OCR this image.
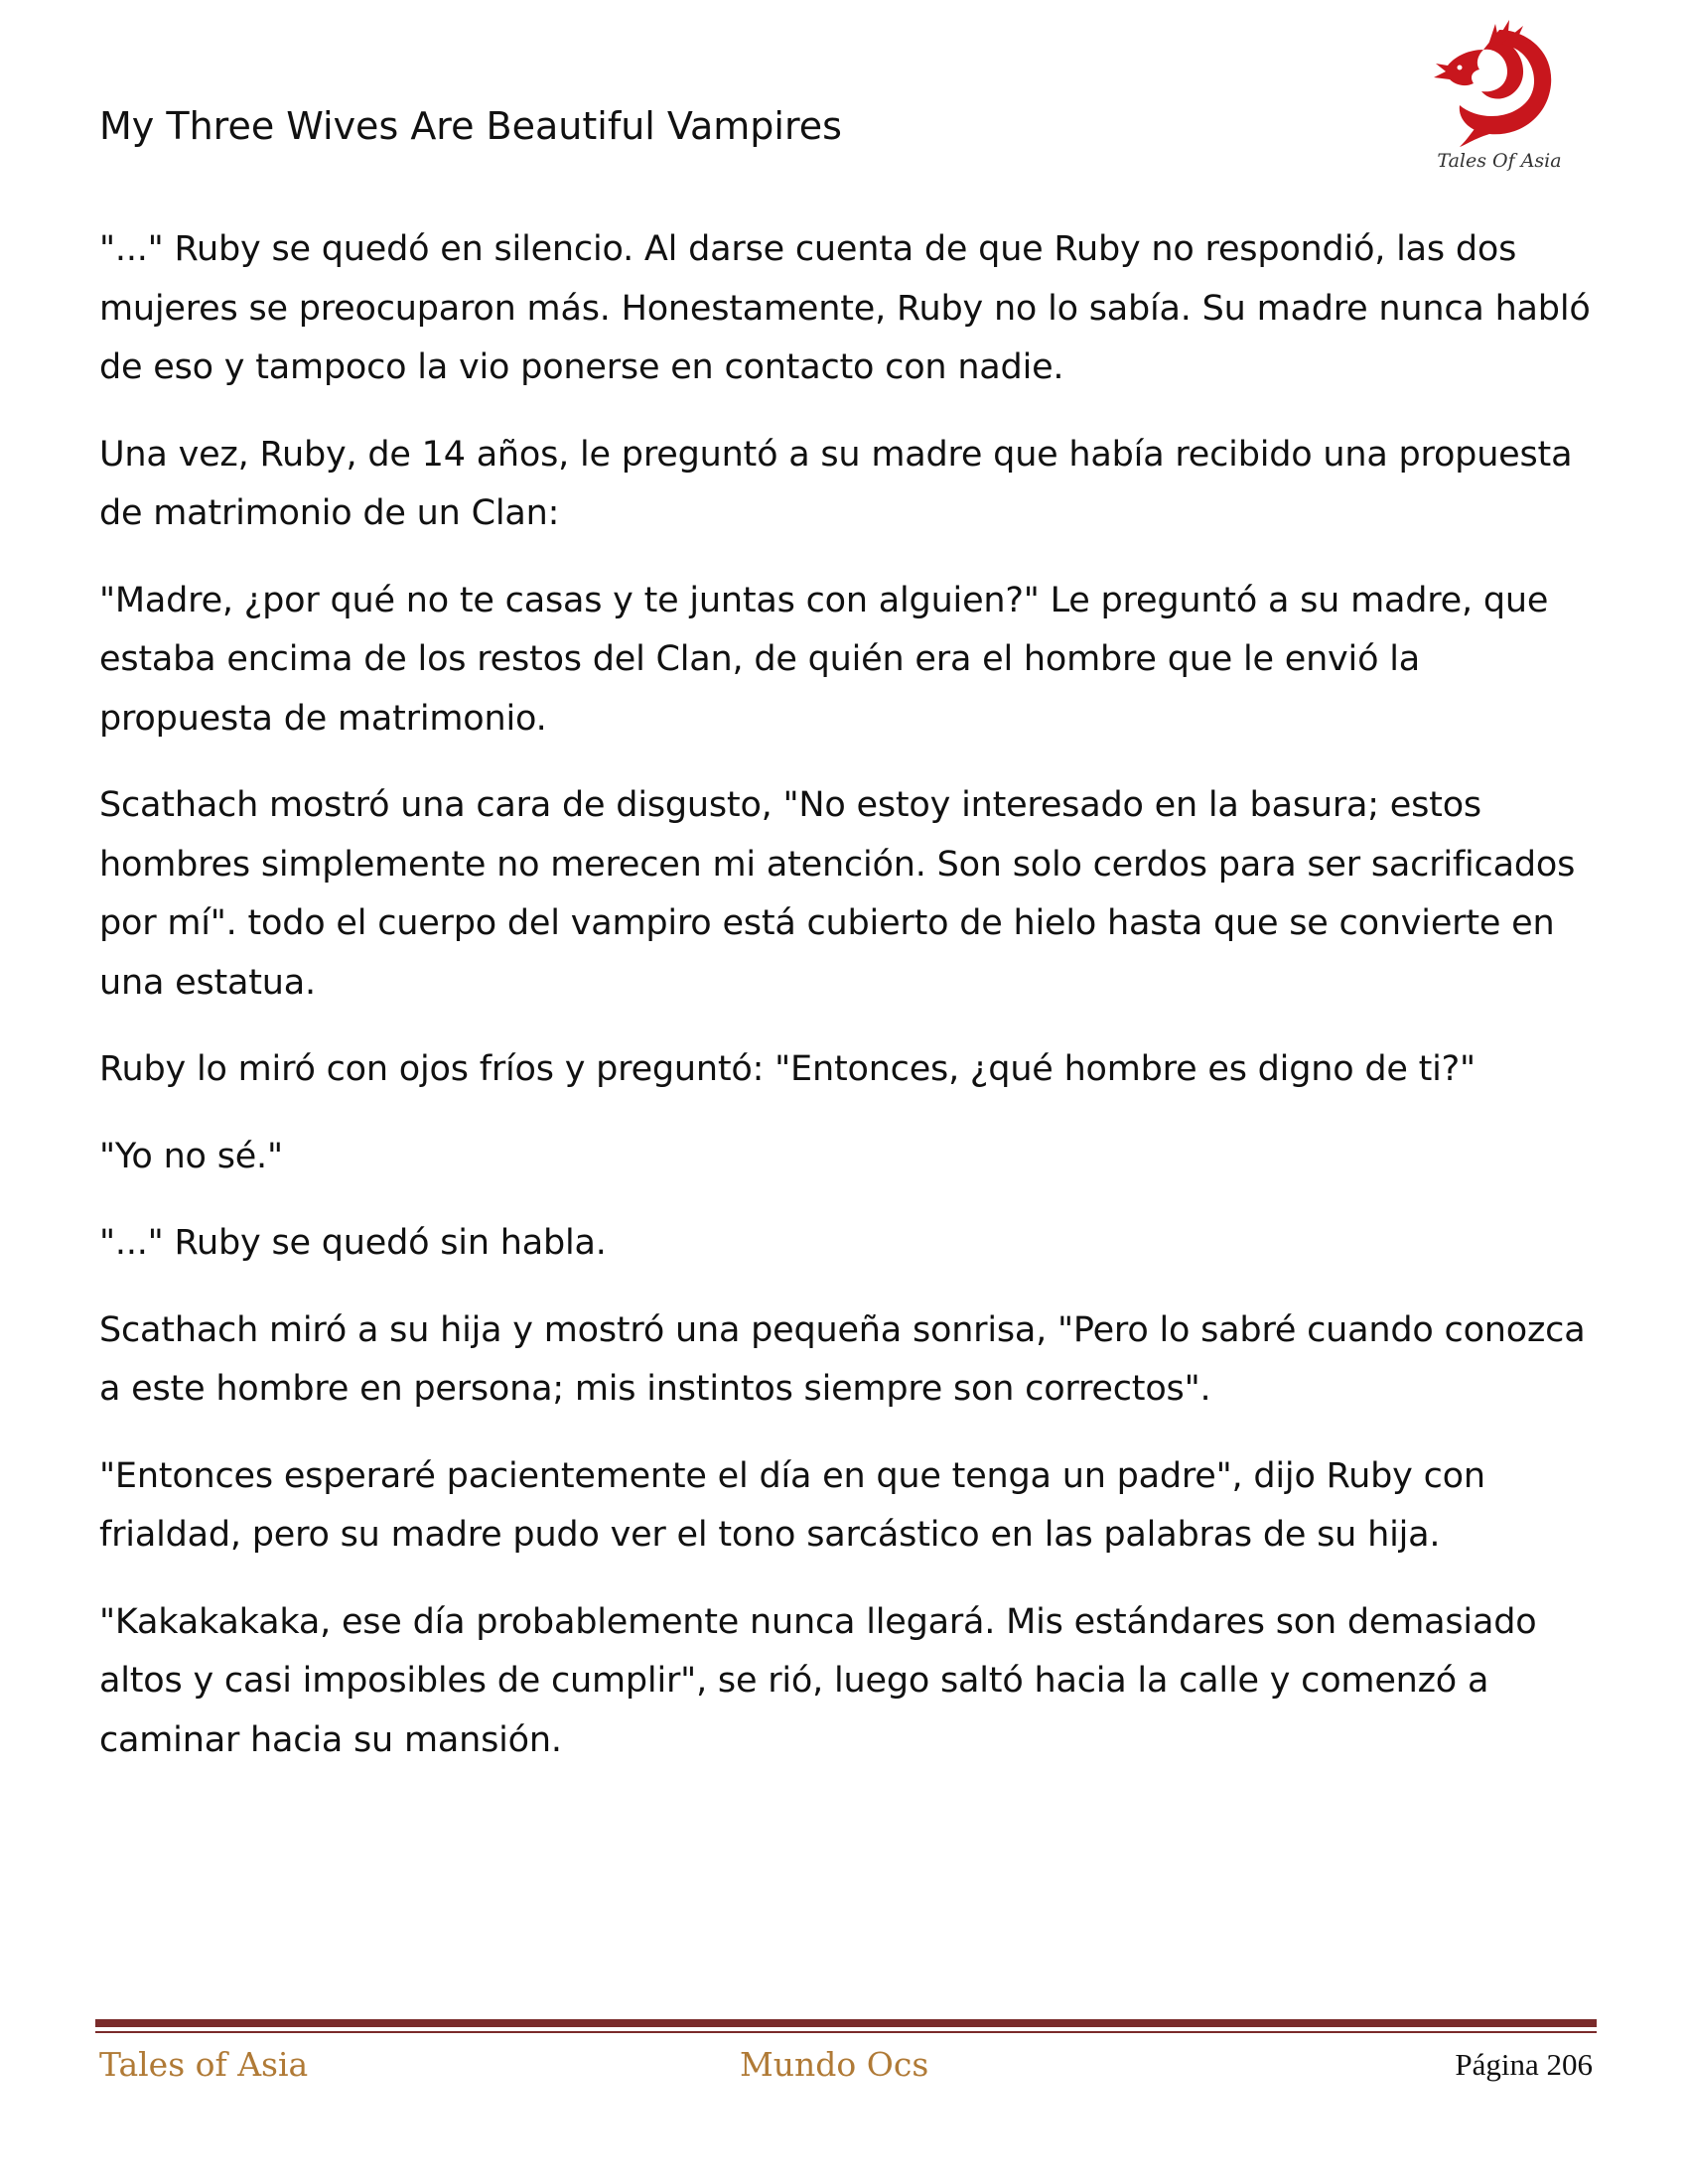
My Three Wives Are Beautiful Vampires
Tales Of Asia

"..." Ruby se quedó en silencio. Al darse cuenta de que Ruby no respondió, las dos mujeres se preocuparon más. Honestamente, Ruby no lo sabía. Su madre nunca habló de eso y tampoco la vio ponerse en contacto con nadie.

Una vez, Ruby, de 14 años, le preguntó a su madre que había recibido una propuesta de matrimonio de un Clan:

"Madre, ¿por qué no te casas y te juntas con alguien?" Le preguntó a su madre, que estaba encima de los restos del Clan, de quién era el hombre que le envió la propuesta de matrimonio.

Scathach mostró una cara de disgusto, "No estoy interesado en la basura; estos hombres simplemente no merecen mi atención. Son solo cerdos para ser sacrificados por mí". todo el cuerpo del vampiro está cubierto de hielo hasta que se convierte en una estatua.

Ruby lo miró con ojos fríos y preguntó: "Entonces, ¿qué hombre es digno de ti?"

"Yo no sé."

"..." Ruby se quedó sin habla.

Scathach miró a su hija y mostró una pequeña sonrisa, "Pero lo sabré cuando conozca a este hombre en persona; mis instintos siempre son correctos".

"Entonces esperaré pacientemente el día en que tenga un padre", dijo Ruby con frialdad, pero su madre pudo ver el tono sarcástico en las palabras de su hija.

"Kakakakaka, ese día probablemente nunca llegará. Mis estándares son demasiado altos y casi imposibles de cumplir", se rió, luego saltó hacia la calle y comenzó a caminar hacia su mansión.

Tales of Asia	Mundo Ocs	Página 206
